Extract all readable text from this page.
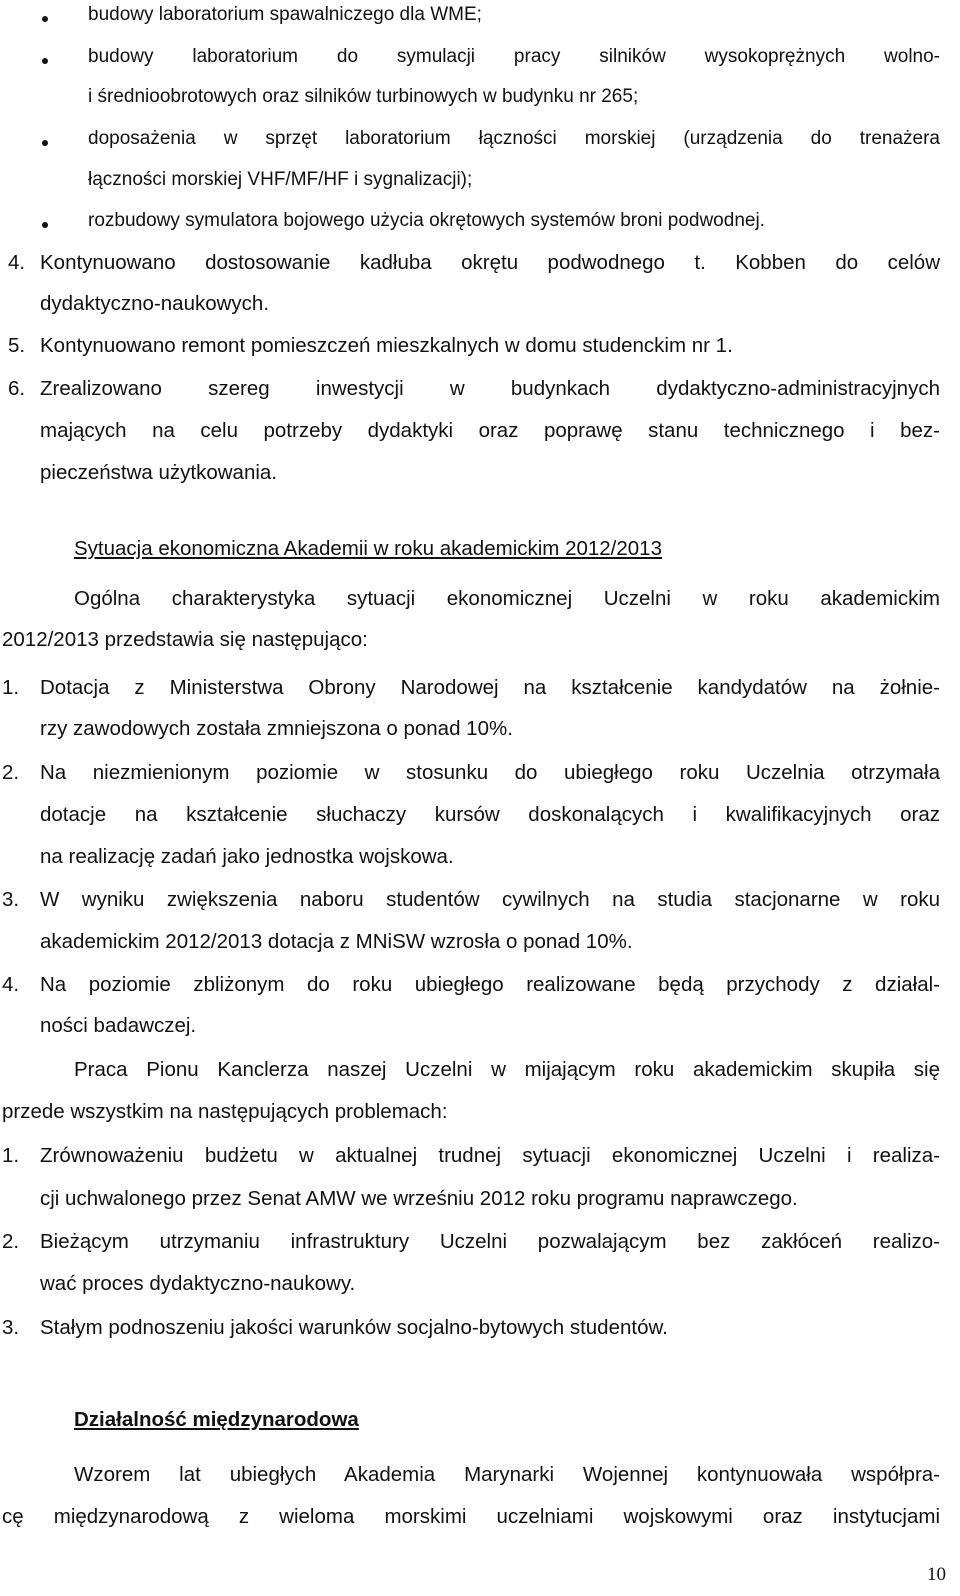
budowy laboratorium spawalniczego dla WME;
budowy laboratorium do symulacji pracy silników wysokoprężnych wolno-
i średnioobrotowych oraz silników turbinowych w budynku nr 265;
doposażenia w sprzęt laboratorium łączności morskiej (urządzenia do trenażera
łączności morskiej VHF/MF/HF i sygnalizacji);
rozbudowy symulatora bojowego użycia okrętowych systemów broni podwodnej.
4. Kontynuowano dostosowanie kadłuba okrętu podwodnego t. Kobben do celów
dydaktyczno-naukowych.
5. Kontynuowano remont pomieszczeń mieszkalnych w domu studenckim nr 1.
6. Zrealizowano szereg inwestycji w budynkach dydaktyczno-administracyjnych
mających na celu potrzeby dydaktyki oraz poprawę stanu technicznego i bez-
pieczeństwa użytkowania.
Sytuacja ekonomiczna Akademii w roku akademickim 2012/2013
Ogólna charakterystyka sytuacji ekonomicznej Uczelni w roku akademickim
2012/2013 przedstawia się następująco:
1. Dotacja z Ministerstwa Obrony Narodowej na kształcenie kandydatów na żołnie-
rzy zawodowych została zmniejszona o ponad 10%.
2. Na niezmienionym poziomie w stosunku do ubiegłego roku Uczelnia otrzymała
dotacje na kształcenie słuchaczy kursów doskonalących i kwalifikacyjnych oraz
na realizację zadań jako jednostka wojskowa.
3. W wyniku zwiększenia naboru studentów cywilnych na studia stacjonarne w roku
akademickim 2012/2013 dotacja z MNiSW wzrosła o ponad 10%.
4. Na poziomie zbliżonym do roku ubiegłego realizowane będą przychody z działal-
ności badawczej.
Praca Pionu Kanclerza naszej Uczelni w mijającym roku akademickim skupiła się
przede wszystkim na następujących problemach:
1. Zrównoważeniu budżetu w aktualnej trudnej sytuacji ekonomicznej Uczelni i realiza-
cji uchwalonego przez Senat AMW we wrześniu 2012 roku programu naprawczego.
2. Bieżącym utrzymaniu infrastruktury Uczelni pozwalającym bez zakłóceń realizo-
wać proces dydaktyczno-naukowy.
3. Stałym podnoszeniu jakości warunków socjalno-bytowych studentów.
Działalność międzynarodowa
Wzorem lat ubiegłych Akademia Marynarki Wojennej kontynuowała współpra-
cę międzynarodową z wieloma morskimi uczelniami wojskowymi oraz instytucjami
10
